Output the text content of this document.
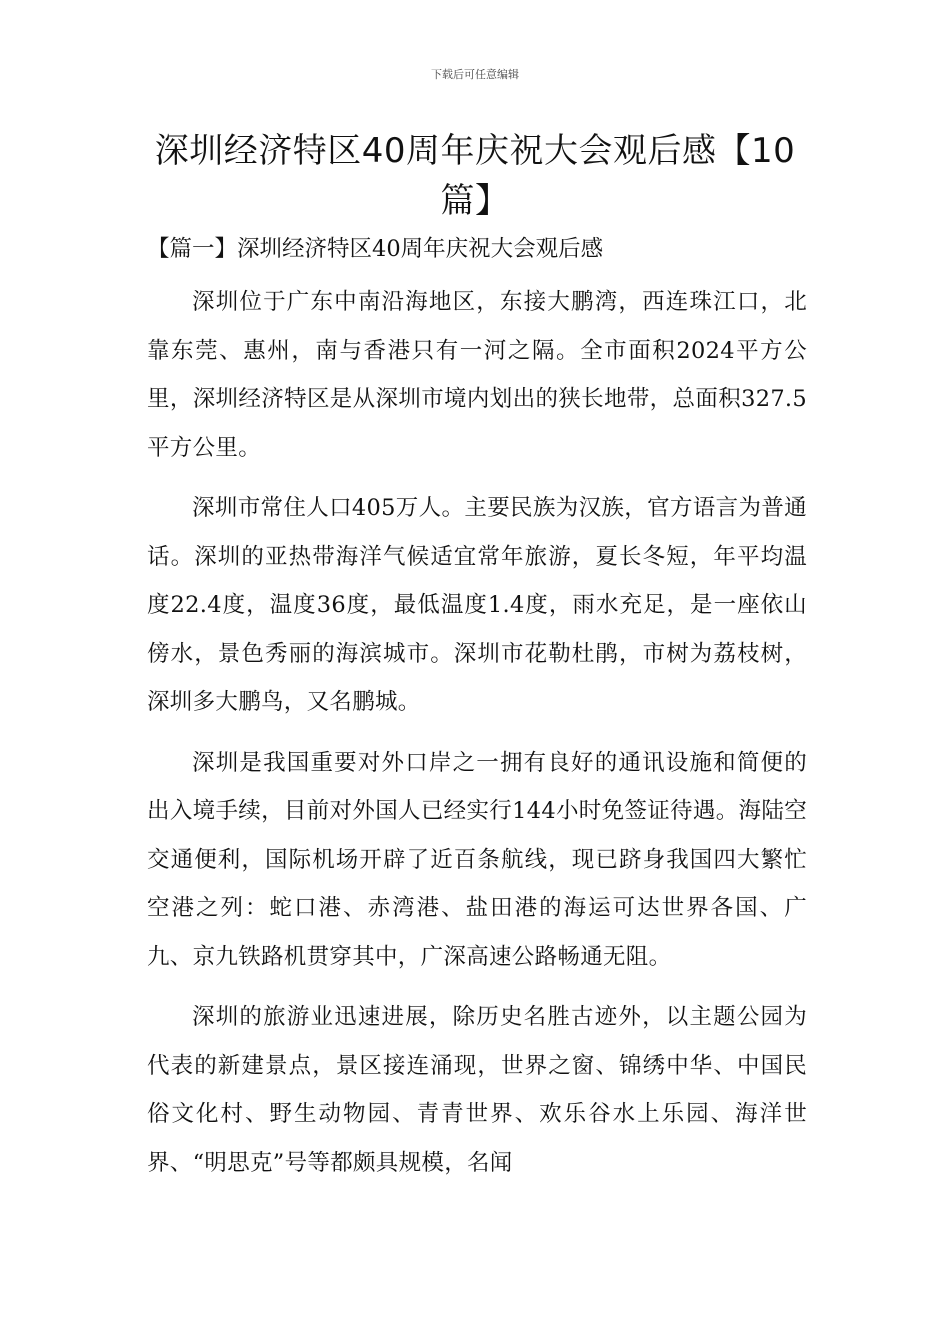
下载后可任意编辑
深圳经济特区40周年庆祝大会观后感【10篇】
【篇一】深圳经济特区40周年庆祝大会观后感

深圳位于广东中南沿海地区，东接大鹏湾，西连珠江口，北靠东莞、惠州，南与香港只有一河之隔。全市面积2024平方公里，深圳经济特区是从深圳市境内划出的狭长地带，总面积327.5平方公里。

深圳市常住人口405万人。主要民族为汉族，官方语言为普通话。深圳的亚热带海洋气候适宜常年旅游，夏长冬短，年平均温度22.4度，温度36度，最低温度1.4度，雨水充足，是一座依山傍水，景色秀丽的海滨城市。深圳市花勒杜鹃，市树为荔枝树，深圳多大鹏鸟，又名鹏城。

深圳是我国重要对外口岸之一拥有良好的通讯设施和简便的出入境手续，目前对外国人已经实行144小时免签证待遇。海陆空交通便利，国际机场开辟了近百条航线，现已跻身我国四大繁忙空港之列：蛇口港、赤湾港、盐田港的海运可达世界各国、广九、京九铁路机贯穿其中，广深高速公路畅通无阻。

深圳的旅游业迅速进展，除历史名胜古迹外，以主题公园为代表的新建景点，景区接连涌现，世界之窗、锦绣中华、中国民俗文化村、野生动物园、青青世界、欢乐谷水上乐园、海洋世界、“明思克”号等都颇具规模，名闻
